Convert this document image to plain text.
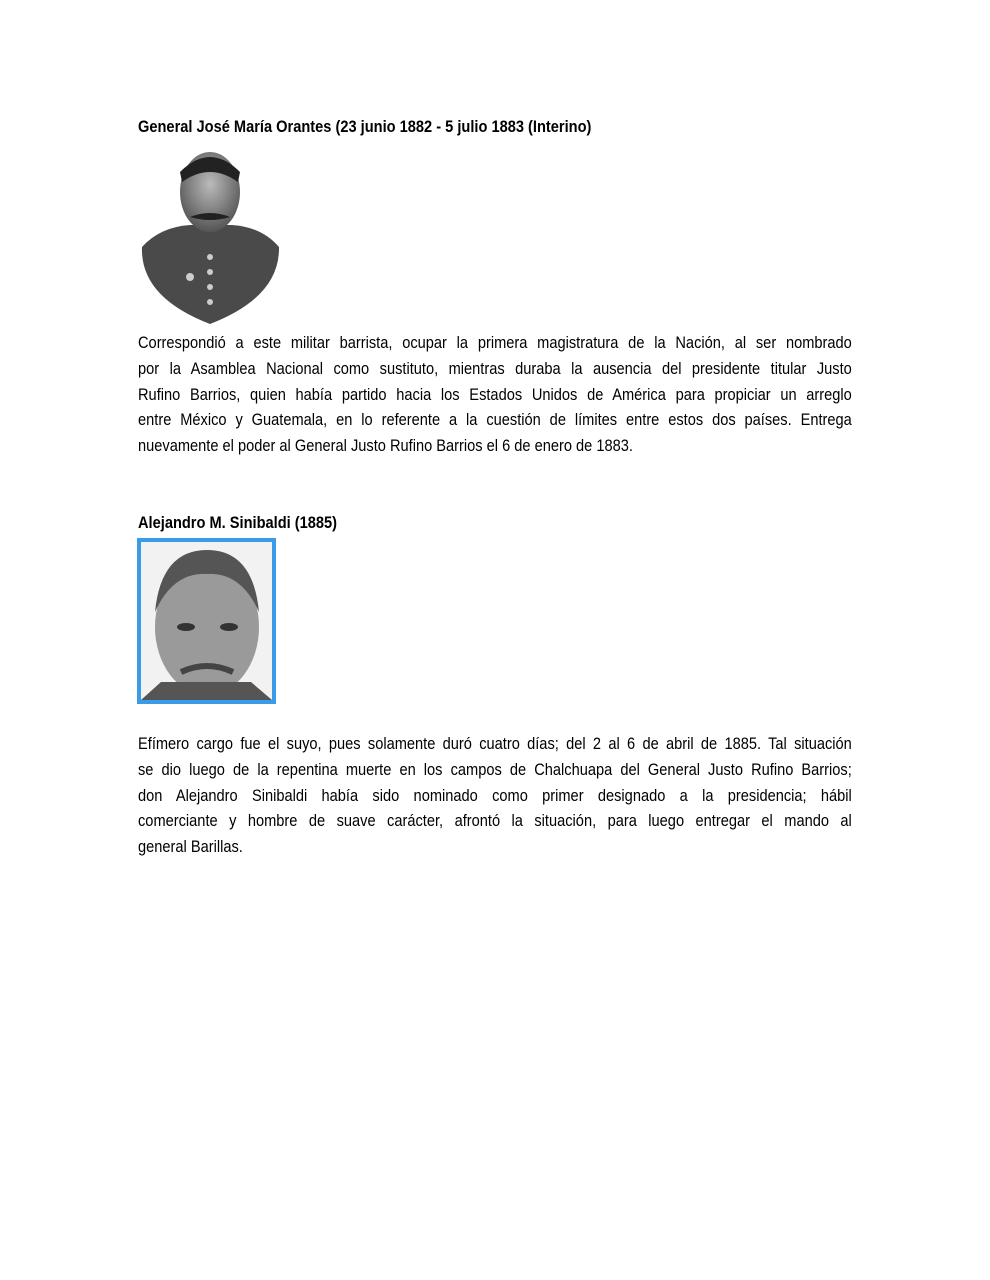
General José María Orantes (23 junio 1882 - 5 julio 1883 (Interino)
Correspondió a este militar barrista, ocupar la primera magistratura de la Nación, al ser nombrado
por la Asamblea Nacional como sustituto, mientras duraba la ausencia del presidente titular Justo
Rufino Barrios, quien había partido hacia los Estados Unidos de América para propiciar un arreglo
entre México y Guatemala, en lo referente a la cuestión de límites entre estos dos países. Entrega
nuevamente el poder al General Justo Rufino Barrios el 6 de enero de 1883.
Alejandro M. Sinibaldi (1885)
Efímero cargo fue el suyo, pues solamente duró cuatro días; del 2 al 6 de abril de 1885. Tal situación
se dio luego de la repentina muerte en los campos de Chalchuapa del General Justo Rufino Barrios;
don Alejandro Sinibaldi había sido nominado como primer designado a la presidencia; hábil
comerciante y hombre de suave carácter, afrontó la situación, para luego entregar el mando al
general Barillas.
